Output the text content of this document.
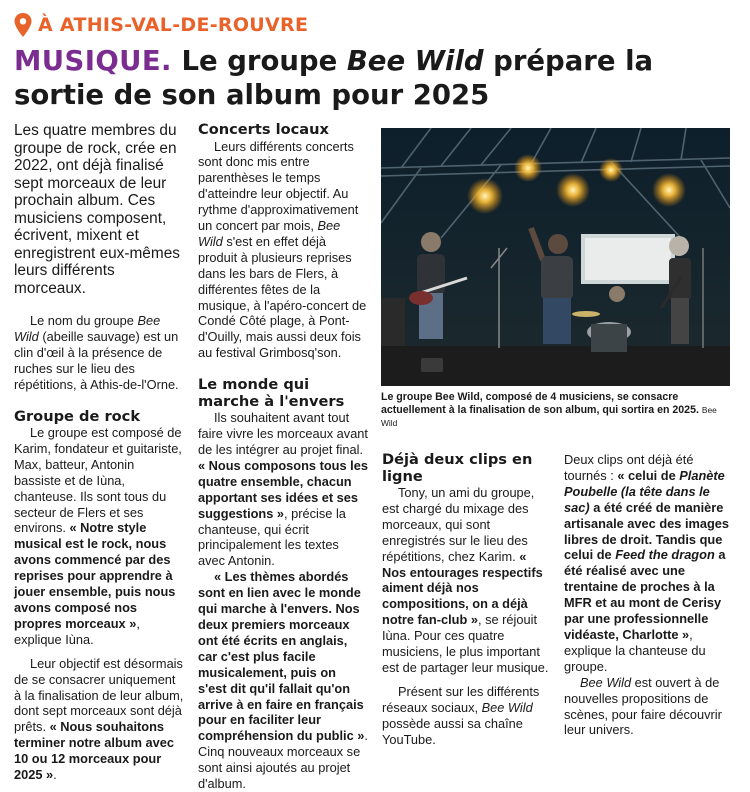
À ATHIS-VAL-DE-ROUVRE
MUSIQUE. Le groupe Bee Wild prépare la sortie de son album pour 2025

Les quatre membres du groupe de rock, crée en 2022, ont déjà finalisé sept morceaux de leur prochain album. Ces musiciens composent, écrivent, mixent et enregistrent eux-mêmes leurs différents morceaux.

Le nom du groupe Bee Wild (abeille sauvage) est un clin d'œil à la présence de ruches sur le lieu des répétitions, à Athis-de-l'Orne.

Groupe de rock

Le groupe est composé de Karim, fondateur et guitariste, Max, batteur, Antonin bassiste et de Iùna, chanteuse. Ils sont tous du secteur de Flers et ses environs. « Notre style musical est le rock, nous avons commencé par des reprises pour apprendre à jouer ensemble, puis nous avons composé nos propres morceaux », explique Iùna.

Leur objectif est désormais de se consacrer uniquement à la finalisation de leur album, dont sept morceaux sont déjà prêts. « Nous souhaitons terminer notre album avec 10 ou 12 morceaux pour 2025 ».

Concerts locaux

Leurs différents concerts sont donc mis entre parenthèses le temps d'atteindre leur objectif. Au rythme d'approximativement un concert par mois, Bee Wild s'est en effet déjà produit à plusieurs reprises dans les bars de Flers, à différentes fêtes de la musique, à l'apéro-concert de Condé Côté plage, à Pont-d'Ouilly, mais aussi deux fois au festival Grimbosq'son.

Le monde qui marche à l'envers

Ils souhaitent avant tout faire vivre les morceaux avant de les intégrer au projet final. « Nous composons tous les quatre ensemble, chacun apportant ses idées et ses suggestions », précise la chanteuse, qui écrit principalement les textes avec Antonin.

« Les thèmes abordés sont en lien avec le monde qui marche à l'envers. Nos deux premiers morceaux ont été écrits en anglais, car c'est plus facile musicalement, puis on s'est dit qu'il fallait qu'on arrive à en faire en français pour en faciliter leur compréhension du public ». Cinq nouveaux morceaux se sont ainsi ajoutés au projet d'album.

Le groupe Bee Wild, composé de 4 musiciens, se consacre actuellement à la finalisation de son album, qui sortira en 2025. Bee Wild

Déjà deux clips en ligne

Tony, un ami du groupe, est chargé du mixage des morceaux, qui sont enregistrés sur le lieu des répétitions, chez Karim. « Nos entourages respectifs aiment déjà nos compositions, on a déjà notre fan-club », se réjouit Iùna. Pour ces quatre musiciens, le plus important est de partager leur musique.

Présent sur les différents réseaux sociaux, Bee Wild possède aussi sa chaîne YouTube.

Deux clips ont déjà été tournés : « celui de Planète Poubelle (la tête dans le sac) a été créé de manière artisanale avec des images libres de droit. Tandis que celui de Feed the dragon a été réalisé avec une trentaine de proches à la MFR et au mont de Cerisy par une professionnelle vidéaste, Charlotte », explique la chanteuse du groupe.

Bee Wild est ouvert à de nouvelles propositions de scènes, pour faire découvrir leur univers.
